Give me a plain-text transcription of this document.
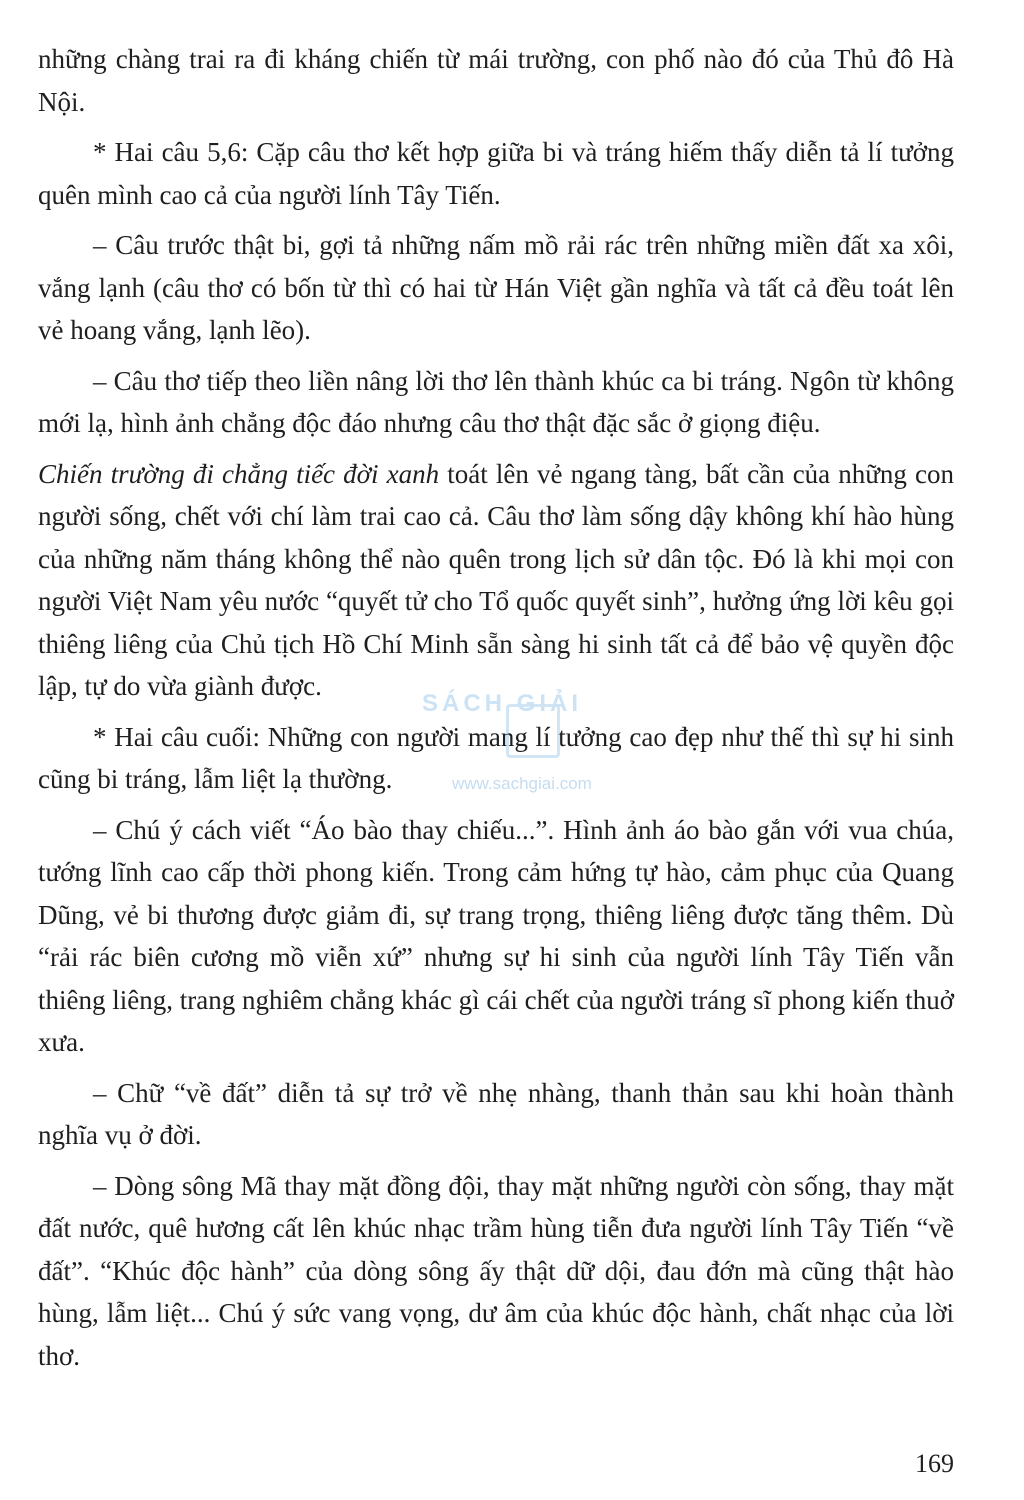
những chàng trai ra đi kháng chiến từ mái trường, con phố nào đó của Thủ đô Hà Nội.

* Hai câu 5,6: Cặp câu thơ kết hợp giữa bi và tráng hiếm thấy diễn tả lí tưởng quên mình cao cả của người lính Tây Tiến.

– Câu trước thật bi, gợi tả những nấm mồ rải rác trên những miền đất xa xôi, vắng lạnh (câu thơ có bốn từ thì có hai từ Hán Việt gần nghĩa và tất cả đều toát lên vẻ hoang vắng, lạnh lẽo).

– Câu thơ tiếp theo liền nâng lời thơ lên thành khúc ca bi tráng. Ngôn từ không mới lạ, hình ảnh chẳng độc đáo nhưng câu thơ thật đặc sắc ở giọng điệu.

Chiến trường đi chẳng tiếc đời xanh toát lên vẻ ngang tàng, bất cần của những con người sống, chết với chí làm trai cao cả. Câu thơ làm sống dậy không khí hào hùng của những năm tháng không thể nào quên trong lịch sử dân tộc. Đó là khi mọi con người Việt Nam yêu nước “quyết tử cho Tổ quốc quyết sinh”, hưởng ứng lời kêu gọi thiêng liêng của Chủ tịch Hồ Chí Minh sẵn sàng hi sinh tất cả để bảo vệ quyền độc lập, tự do vừa giành được.

* Hai câu cuối: Những con người mang lí tưởng cao đẹp như thế thì sự hi sinh cũng bi tráng, lẫm liệt lạ thường.

– Chú ý cách viết “Áo bào thay chiếu...”. Hình ảnh áo bào gắn với vua chúa, tướng lĩnh cao cấp thời phong kiến. Trong cảm hứng tự hào, cảm phục của Quang Dũng, vẻ bi thương được giảm đi, sự trang trọng, thiêng liêng được tăng thêm. Dù “rải rác biên cương mồ viễn xứ” nhưng sự hi sinh của người lính Tây Tiến vẫn thiêng liêng, trang nghiêm chẳng khác gì cái chết của người tráng sĩ phong kiến thuở xưa.

– Chữ “về đất” diễn tả sự trở về nhẹ nhàng, thanh thản sau khi hoàn thành nghĩa vụ ở đời.

– Dòng sông Mã thay mặt đồng đội, thay mặt những người còn sống, thay mặt đất nước, quê hương cất lên khúc nhạc trầm hùng tiễn đưa người lính Tây Tiến “về đất”. “Khúc độc hành” của dòng sông ấy thật dữ dội, đau đớn mà cũng thật hào hùng, lẫm liệt... Chú ý sức vang vọng, dư âm của khúc độc hành, chất nhạc của lời thơ.

SÁCH GIẢI
www.sachgiai.com
169
